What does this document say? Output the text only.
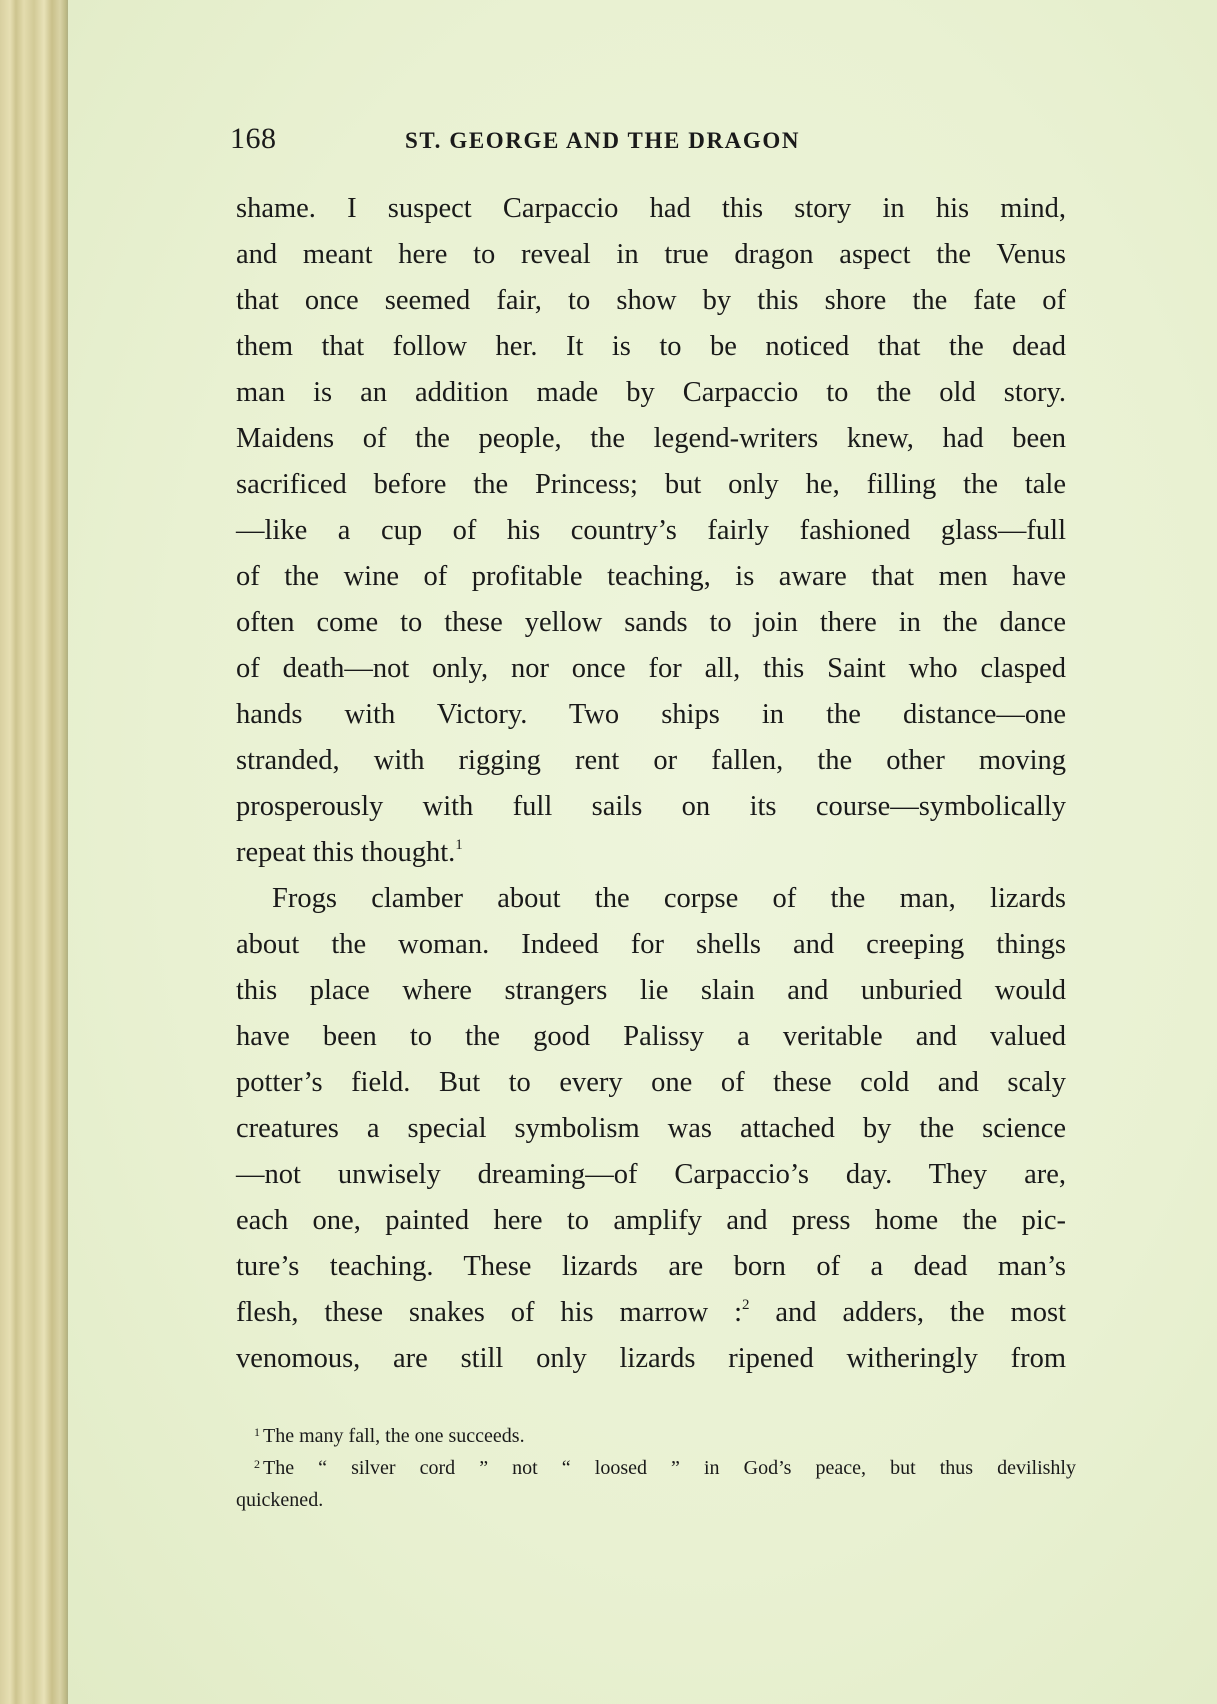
168	ST. GEORGE AND THE DRAGON
shame. I suspect Carpaccio had this story in his mind,
and meant here to reveal in true dragon aspect the Venus
that once seemed fair, to show by this shore the fate of
them that follow her. It is to be noticed that the dead
man is an addition made by Carpaccio to the old story.
Maidens of the people, the legend-writers knew, had been
sacrificed before the Princess; but only he, filling the tale
—like a cup of his country’s fairly fashioned glass—full
of the wine of profitable teaching, is aware that men have
often come to these yellow sands to join there in the dance
of death—not only, nor once for all, this Saint who clasped
hands with Victory. Two ships in the distance—one
stranded, with rigging rent or fallen, the other moving
prosperously with full sails on its course—symbolically
repeat this thought.$^1$
Frogs clamber about the corpse of the man, lizards
about the woman. Indeed for shells and creeping things
this place where strangers lie slain and unburied would
have been to the good Palissy a veritable and valued
potter’s field. But to every one of these cold and scaly
creatures a special symbolism was attached by the science
—not unwisely dreaming—of Carpaccio’s day. They are,
each one, painted here to amplify and press home the pic-
ture’s teaching. These lizards are born of a dead man’s
flesh, these snakes of his marrow :$^2$ and adders, the most
venomous, are still only lizards ripened witheringly from
$^1$ The many fall, the one succeeds.
$^2$ The “ silver cord ” not “ loosed ” in God’s peace, but thus devilishly
quickened.
